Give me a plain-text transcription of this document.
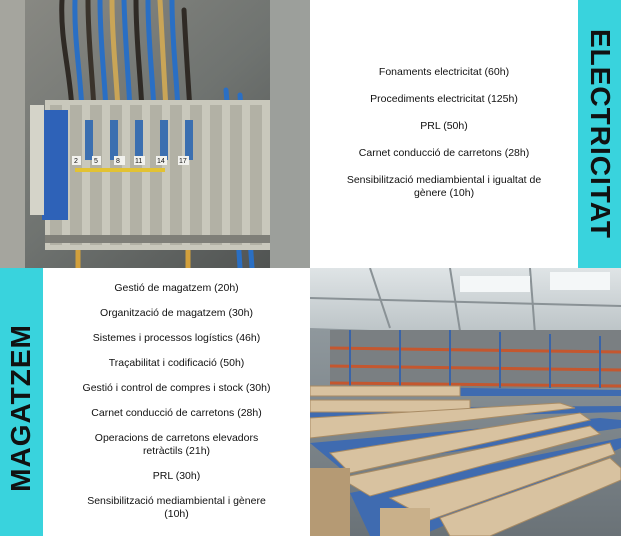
2 5	8 11 14 17
Fonaments electricitat (60h)
Procediments electricitat (125h)
PRL (50h)
Carnet conducció de carretons (28h)
Sensibilització mediambiental i igualtat de gènere (10h)	ELECTRICITAT
MAGATZEM
Gestió de magatzem (20h)
Organització de magatzem (30h)
Sistemes i processos logístics (46h)
Traçabilitat i codificació (50h)
Gestió i control de compres i stock (30h)
Carnet conducció de carretons (28h)
Operacions de carretons elevadors retràctils (21h)
PRL (30h)
Sensibilització mediambiental i gènere (10h)
